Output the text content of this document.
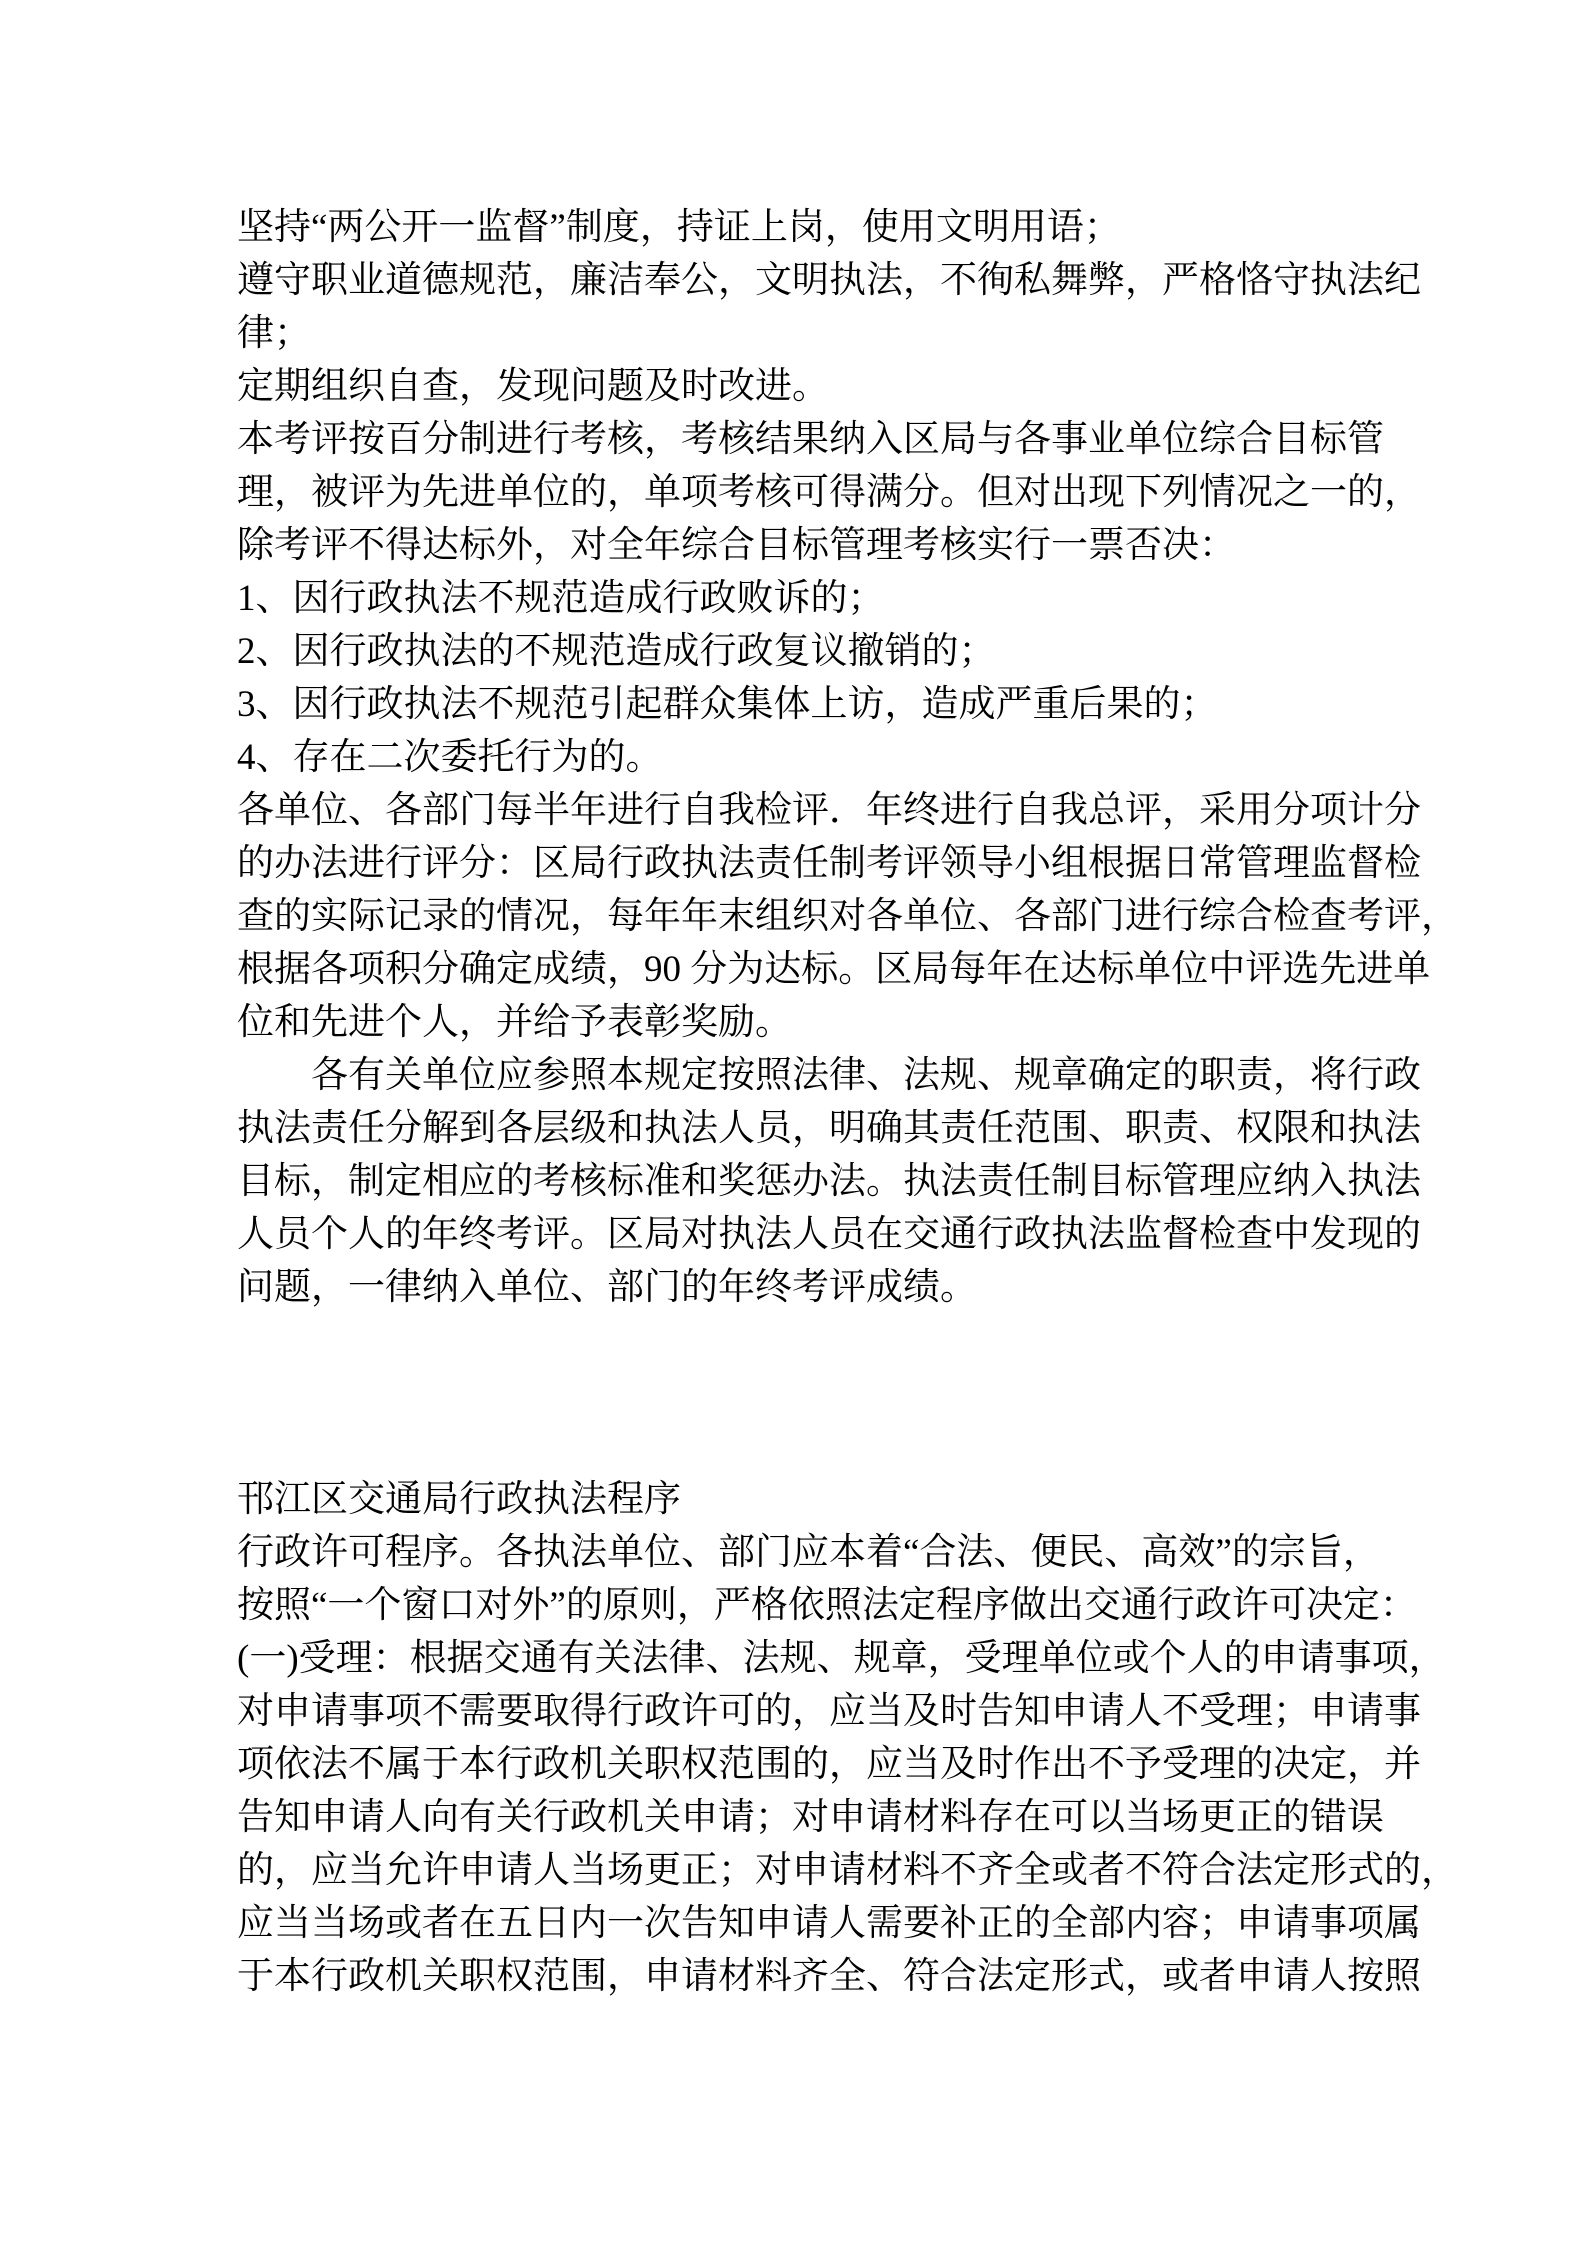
坚持“两公开一监督”制度，持证上岗，使用文明用语；
遵守职业道德规范，廉洁奉公，文明执法，不徇私舞弊，严格恪守执法纪
律；
定期组织自查，发现问题及时改进。
本考评按百分制进行考核，考核结果纳入区局与各事业单位综合目标管
理，被评为先进单位的，单项考核可得满分。但对出现下列情况之一的，
除考评不得达标外，对全年综合目标管理考核实行一票否决：
1、因行政执法不规范造成行政败诉的；
2、因行政执法的不规范造成行政复议撤销的；
3、因行政执法不规范引起群众集体上访，造成严重后果的；
4、存在二次委托行为的。
各单位、各部门每半年进行自我检评．年终进行自我总评，采用分项计分
的办法进行评分：区局行政执法责任制考评领导小组根据日常管理监督检
查的实际记录的情况，每年年末组织对各单位、各部门进行综合检查考评，
根据各项积分确定成绩，90 分为达标。区局每年在达标单位中评选先进单
位和先进个人，并给予表彰奖励。
各有关单位应参照本规定按照法律、法规、规章确定的职责，将行政
执法责任分解到各层级和执法人员，明确其责任范围、职责、权限和执法
目标，制定相应的考核标准和奖惩办法。执法责任制目标管理应纳入执法
人员个人的年终考评。区局对执法人员在交通行政执法监督检查中发现的
问题，一律纳入单位、部门的年终考评成绩。
邗江区交通局行政执法程序
行政许可程序。各执法单位、部门应本着“合法、便民、高效”的宗旨，
按照“一个窗口对外”的原则，严格依照法定程序做出交通行政许可决定：
(一)受理：根据交通有关法律、法规、规章，受理单位或个人的申请事项，
对申请事项不需要取得行政许可的，应当及时告知申请人不受理；申请事
项依法不属于本行政机关职权范围的，应当及时作出不予受理的决定，并
告知申请人向有关行政机关申请；对申请材料存在可以当场更正的错误
的，应当允许申请人当场更正；对申请材料不齐全或者不符合法定形式的，
应当当场或者在五日内一次告知申请人需要补正的全部内容；申请事项属
于本行政机关职权范围，申请材料齐全、符合法定形式，或者申请人按照
